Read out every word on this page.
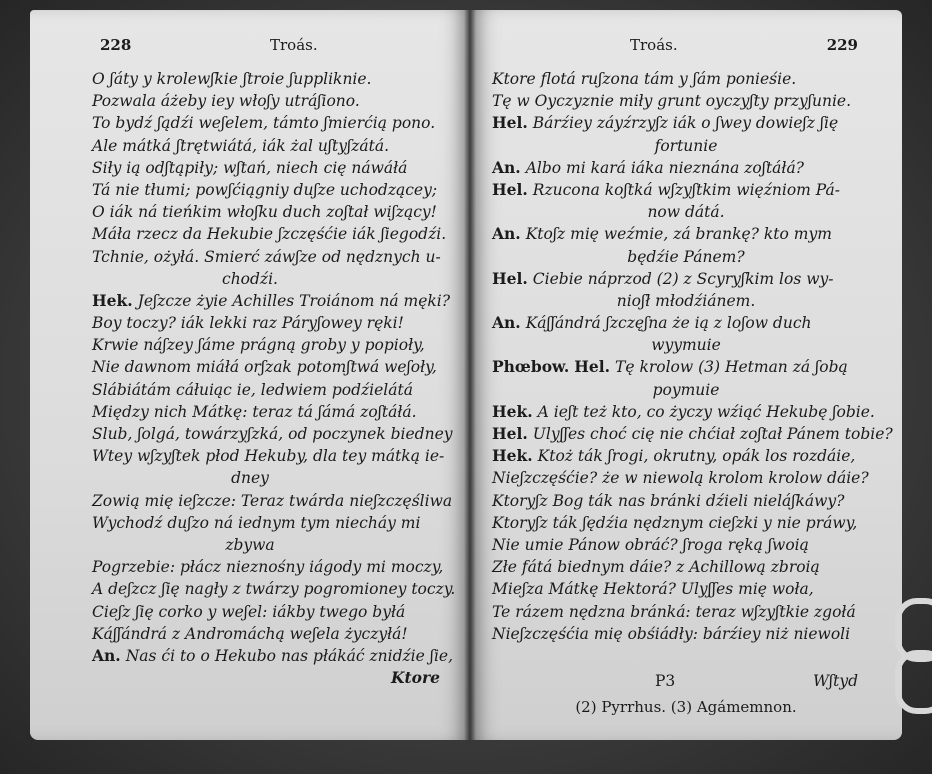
228	Troás.
O ʃáty y krolewʃkie ʃtroie ʃuppliknie.
Pozwala áżeby iey włoʃy utráʃiono.
To bydź ʃądźi weʃelem, támto ʃmierćią pono.
Ale mátká ʃtrętwiátá, iák żal uʃtyʃzátá.
Siły ią odʃtąpiły; wʃtań, niech cię náwáłá
Tá nie tłumi; powʃćiągniy duʃze uchodzącey;
O iák ná tieńkim włoʃku duch zoʃtał wiʃzący!
Máła rzecz da Hekubie ʃzczęśćie iák ʃiegodźi.
Tchnie, ożyłá. Smierć záwʃze od nędznych u-
chodźi.
Hek. Jeʃzcze żyie Achilles Troiánom ná męki?
Boy toczy? iák lekki raz Páryʃowey ręki!
Krwie náʃzey ʃáme prágną groby y popioły,
Nie dawnom miáłá orʃzak potomʃtwá weʃoły,
Slábiátám cáłuiąc ie, ledwiem podźielátá
Między nich Mátkę: teraz tá ʃámá zoʃtáłá.
Slub, ʃolgá, towárzyʃzká, od poczynek biedney
Wtey wʃzyʃtek płod Hekuby, dla tey mátką ie-
dney
Zowią mię ieʃzcze: Teraz twárda nieʃzczęśliwa
Wychodź duʃzo ná iednym tym niecháy mi
zbywa
Pogrzebie: płácz nieznośny iágody mi moczy,
A deʃzcz ʃię nagły z twárzy pogromioney toczy.
Cieʃz ʃię corko y weʃel: iákby twego byłá
Káʃʃándrá z Andromáchą weʃela życzyłá!
An. Nas ći to o Hekubo nas płákáć znidźie ʃie,
Ktore
Troás.	229
Ktore flotá ruʃzona tám y ʃám ponieśie.
Tę w Oyczyznie miły grunt oyczyʃty przyʃunie.
Hel. Bárźiey záyźrzyʃz iák o ʃwey dowieʃz ʃię
fortunie
An. Albo mi kará iáka nieznána zoʃtáłá?
Hel. Rzucona koʃtká wʃzyʃtkim więźniom Pá-
now dátá.
An. Ktoʃz mię weźmie, zá brankę? kto mym
będźie Pánem?
Hel. Ciebie náprzod (2) z Scyryʃkim los wy-
nioʃł młodźiánem.
An. Káʃʃándrá ʃzczęʃna że ią z loʃow duch
wyymuie
Phœbow. Hel. Tę krolow (3) Hetman zá ʃobą
poymuie
Hek. A ieʃt też kto, co życzy wźiąć Hekubę ʃobie.
Hel. Ulyʃʃes choć cię nie chćiał zoʃtał Pánem tobie?
Hek. Ktoż ták ʃrogi, okrutny, opák los rozdáie,
Nieʃzczęśćie? że w niewolą krolom krolow dáie?
Ktoryʃz Bog ták nas bránki dźieli nieláʃkáwy?
Ktoryʃz ták ʃędźia nędznym cieʃzki y nie práwy,
Nie umie Pánow obráć? ʃroga ręką ʃwoią
Złe fátá biednym dáie? z Achillową zbroią
Mieʃza Mátkę Hektorá? Ulyʃʃes mię woła,
Te rázem nędzna bránká: teraz wʃzyʃtkie zgołá
Nieʃzczęśćia mię obśiádły: bárźiey niż niewoli
P3	Wʃtyd
(2) Pyrrhus. (3) Agámemnon.
